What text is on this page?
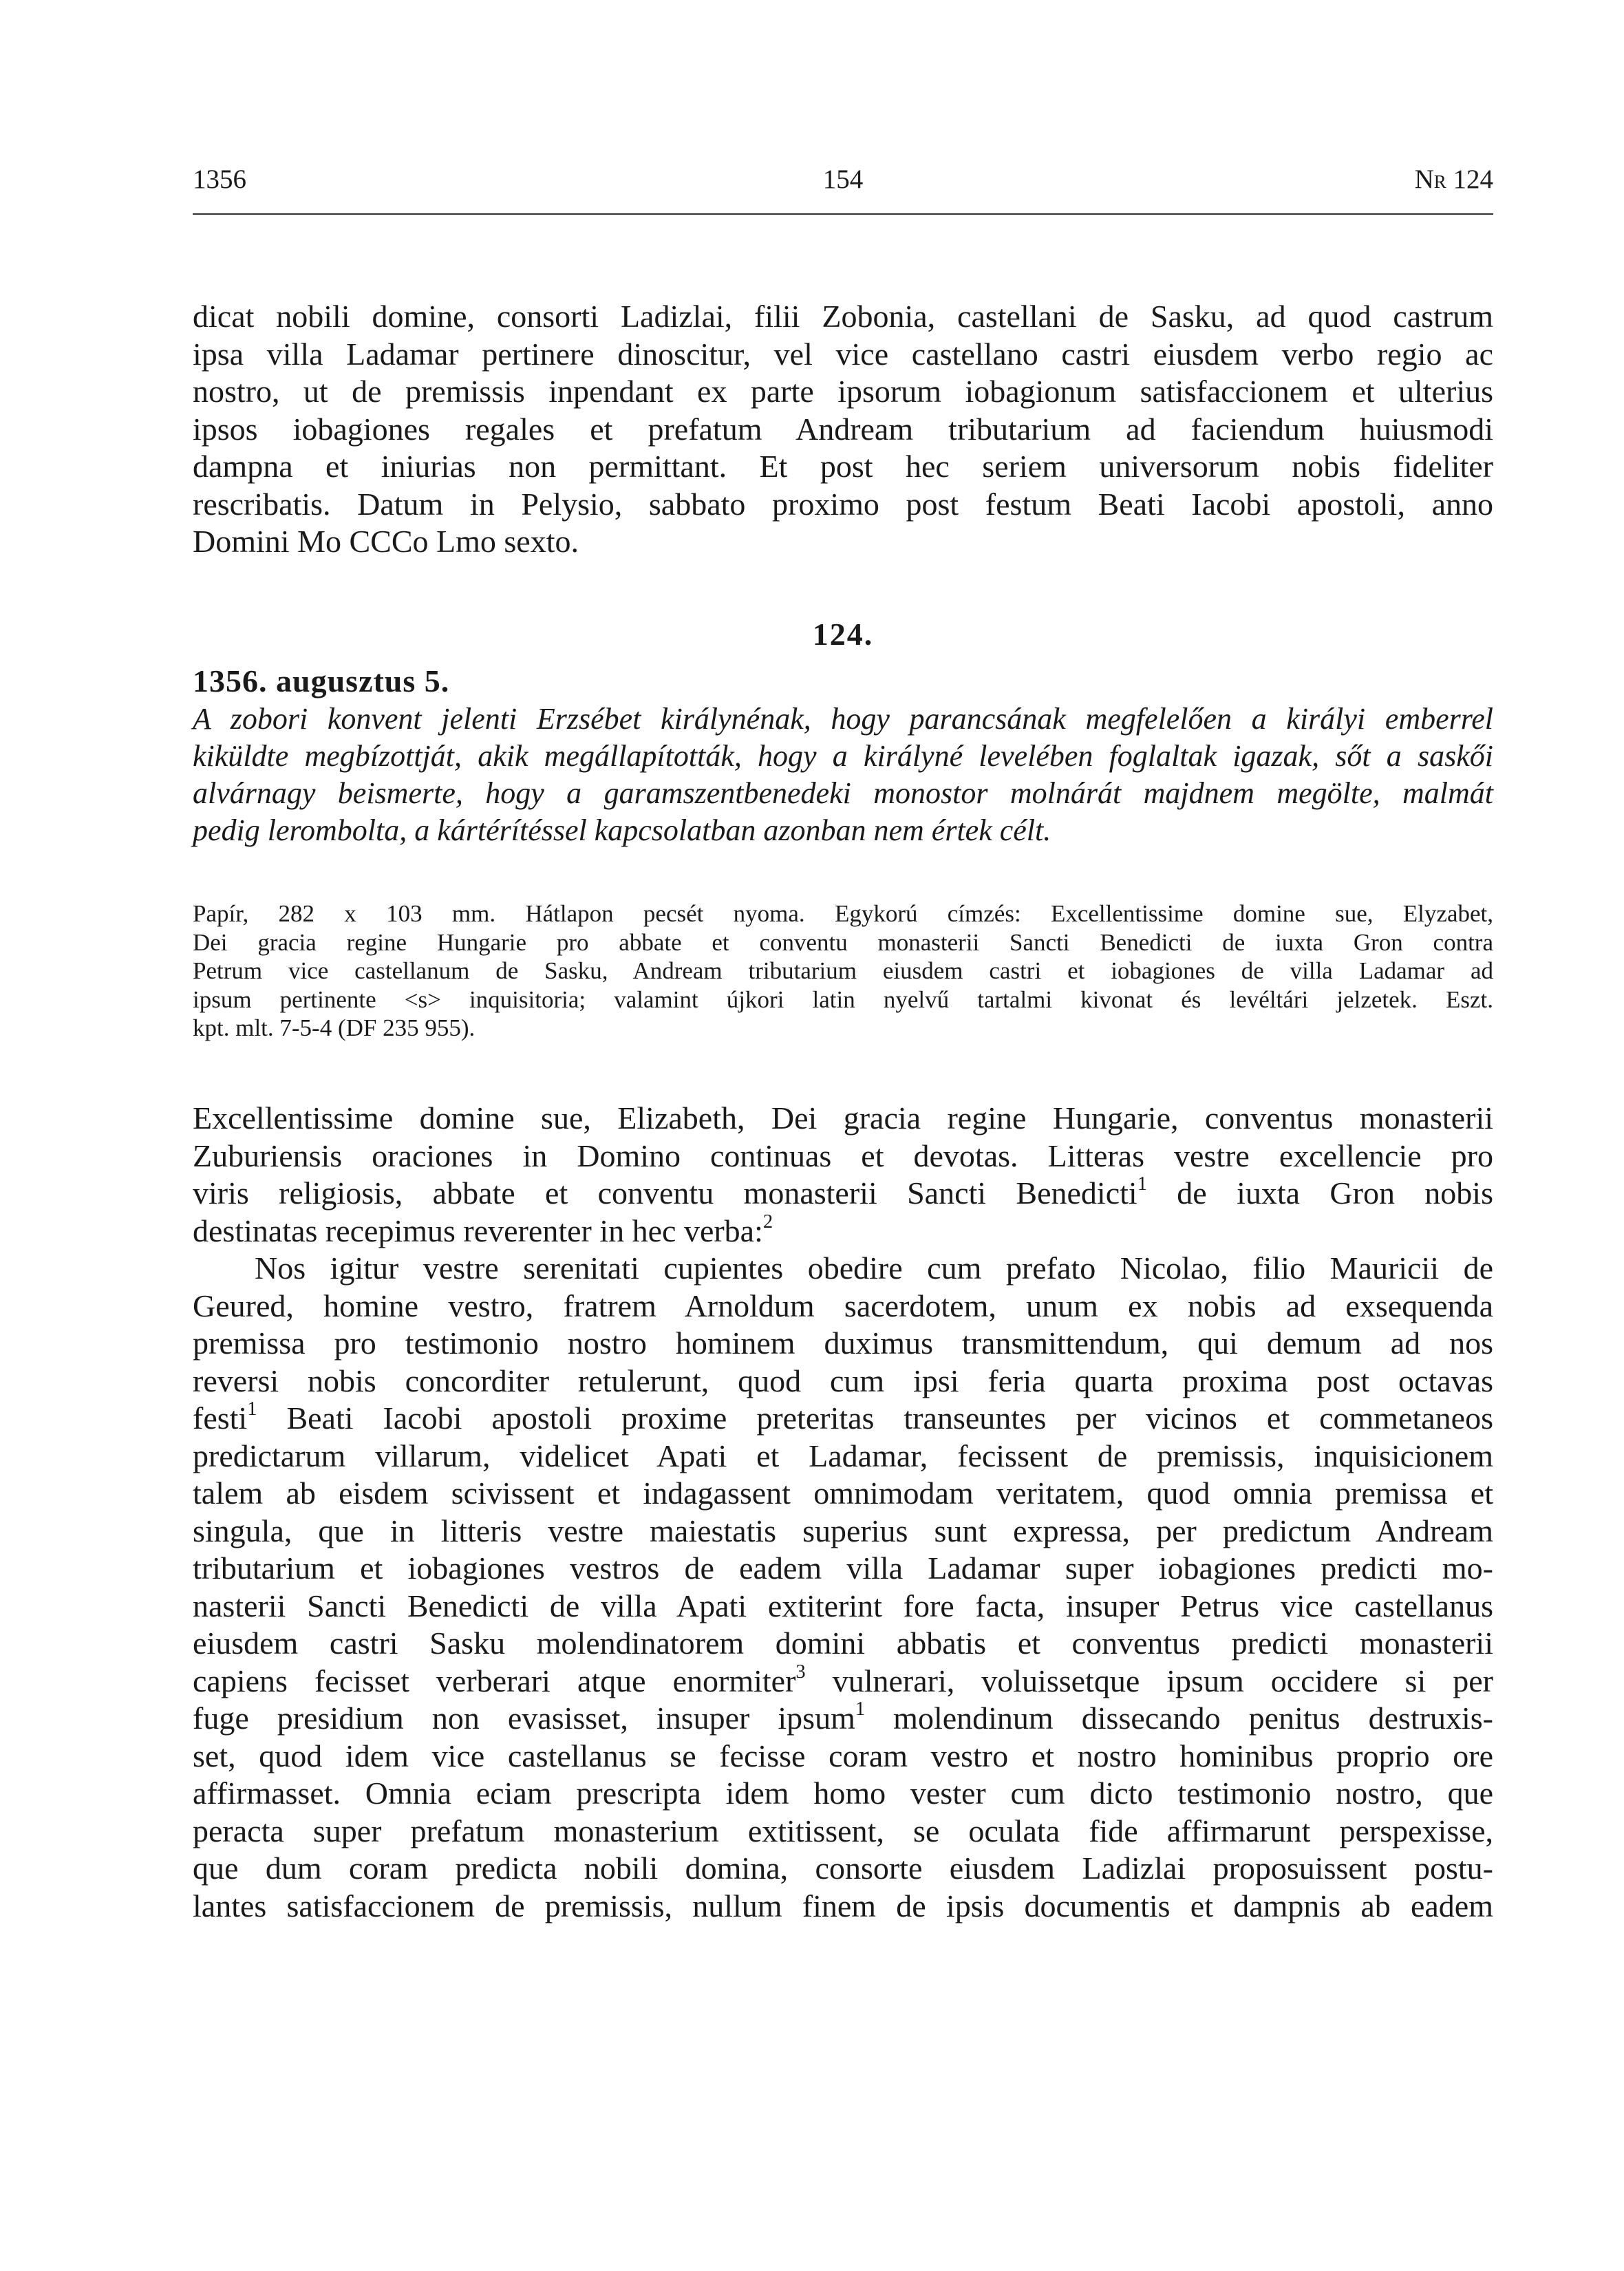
1356	154	Nr 124
dicat nobili domine, consorti Ladizlai, filii Zobonia, castellani de Sasku, ad quod castrum
ipsa villa Ladamar pertinere dinoscitur, vel vice castellano castri eiusdem verbo regio ac
nostro, ut de premissis inpendant ex parte ipsorum iobagionum satisfaccionem et ulterius
ipsos iobagiones regales et prefatum Andream tributarium ad faciendum huiusmodi
dampna et iniurias non permittant. Et post hec seriem universorum nobis fideliter
rescribatis. Datum in Pelysio, sabbato proximo post festum Beati Iacobi apostoli, anno
Domini Mo CCCo Lmo sexto.
124.
1356. augusztus 5.
A zobori konvent jelenti Erzsébet királynénak, hogy parancsának megfelelően a királyi emberrel
kiküldte megbízottját, akik megállapították, hogy a királyné levelében foglaltak igazak, sőt a saskői
alvárnagy beismerte, hogy a garamszentbenedeki monostor molnárát majdnem megölte, malmát
pedig lerombolta, a kártérítéssel kapcsolatban azonban nem értek célt.
Papír, 282 x 103 mm. Hátlapon pecsét nyoma. Egykorú címzés: Excellentissime domine sue, Elyzabet,
Dei gracia regine Hungarie pro abbate et conventu monasterii Sancti Benedicti de iuxta Gron contra
Petrum vice castellanum de Sasku, Andream tributarium eiusdem castri et iobagiones de villa Ladamar ad
ipsum pertinente <s> inquisitoria; valamint újkori latin nyelvű tartalmi kivonat és levéltári jelzetek. Eszt.
kpt. mlt. 7-5-4 (DF 235 955).
Excellentissime domine sue, Elizabeth, Dei gracia regine Hungarie, conventus monasterii
Zuburiensis oraciones in Domino continuas et devotas. Litteras vestre excellencie pro
viris religiosis, abbate et conventu monasterii Sancti Benedicti$^1$ de iuxta Gron nobis
destinatas recepimus reverenter in hec verba:$^2$
Nos igitur vestre serenitati cupientes obedire cum prefato Nicolao, filio Mauricii de
Geured, homine vestro, fratrem Arnoldum sacerdotem, unum ex nobis ad exsequenda
premissa pro testimonio nostro hominem duximus transmittendum, qui demum ad nos
reversi nobis concorditer retulerunt, quod cum ipsi feria quarta proxima post octavas
festi$^1$ Beati Iacobi apostoli proxime preteritas transeuntes per vicinos et commetaneos
predictarum villarum, videlicet Apati et Ladamar, fecissent de premissis, inquisicionem
talem ab eisdem scivissent et indagassent omnimodam veritatem, quod omnia premissa et
singula, que in litteris vestre maiestatis superius sunt expressa, per predictum Andream
tributarium et iobagiones vestros de eadem villa Ladamar super iobagiones predicti mo-
nasterii Sancti Benedicti de villa Apati extiterint fore facta, insuper Petrus vice castellanus
eiusdem castri Sasku molendinatorem domini abbatis et conventus predicti monasterii
capiens fecisset verberari atque enormiter$^3$ vulnerari, voluissetque ipsum occidere si per
fuge presidium non evasisset, insuper ipsum$^1$ molendinum dissecando penitus destruxis-
set, quod idem vice castellanus se fecisse coram vestro et nostro hominibus proprio ore
affirmasset. Omnia eciam prescripta idem homo vester cum dicto testimonio nostro, que
peracta super prefatum monasterium extitissent, se oculata fide affirmarunt perspexisse,
que dum coram predicta nobili domina, consorte eiusdem Ladizlai proposuissent postu-
lantes satisfaccionem de premissis, nullum finem de ipsis documentis et dampnis ab eadem
